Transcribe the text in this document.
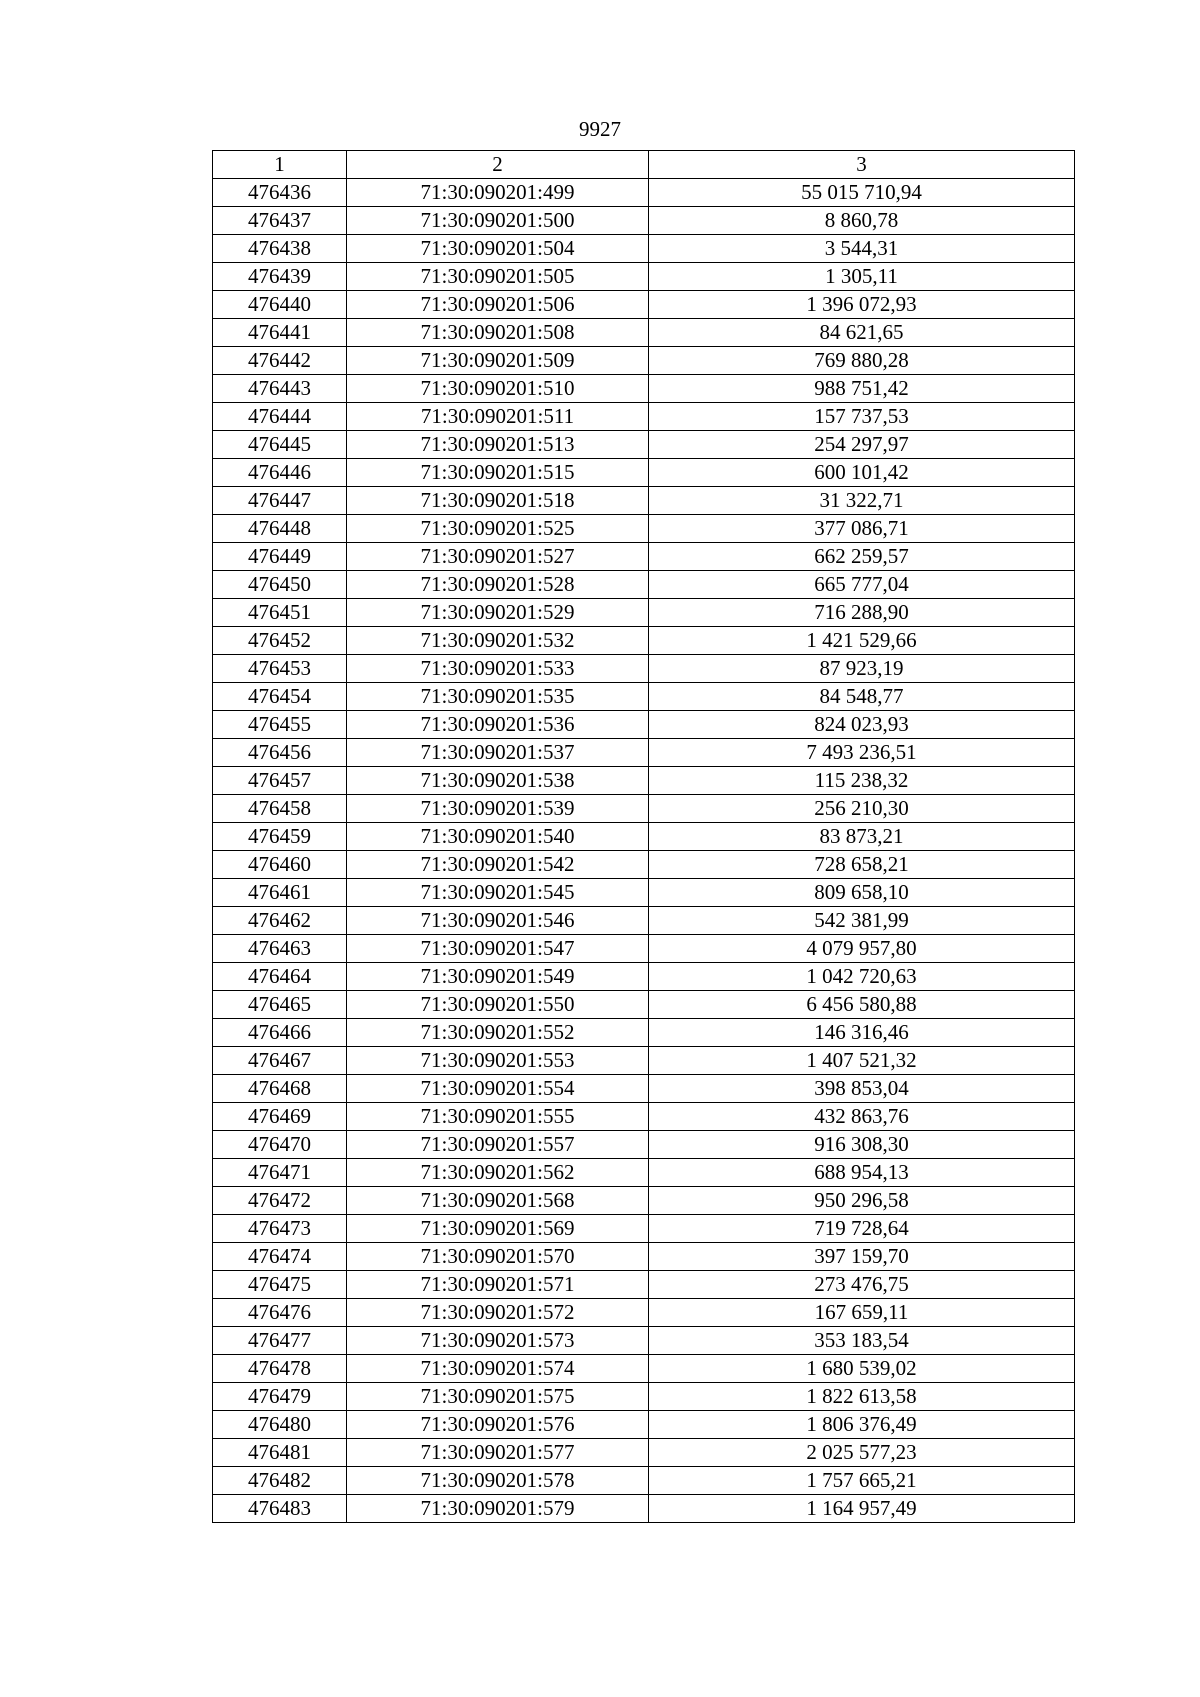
9927
1	2	3
476436	71:30:090201:499	55 015 710,94
476437	71:30:090201:500	8 860,78
476438	71:30:090201:504	3 544,31
476439	71:30:090201:505	1 305,11
476440	71:30:090201:506	1 396 072,93
476441	71:30:090201:508	84 621,65
476442	71:30:090201:509	769 880,28
476443	71:30:090201:510	988 751,42
476444	71:30:090201:511	157 737,53
476445	71:30:090201:513	254 297,97
476446	71:30:090201:515	600 101,42
476447	71:30:090201:518	31 322,71
476448	71:30:090201:525	377 086,71
476449	71:30:090201:527	662 259,57
476450	71:30:090201:528	665 777,04
476451	71:30:090201:529	716 288,90
476452	71:30:090201:532	1 421 529,66
476453	71:30:090201:533	87 923,19
476454	71:30:090201:535	84 548,77
476455	71:30:090201:536	824 023,93
476456	71:30:090201:537	7 493 236,51
476457	71:30:090201:538	115 238,32
476458	71:30:090201:539	256 210,30
476459	71:30:090201:540	83 873,21
476460	71:30:090201:542	728 658,21
476461	71:30:090201:545	809 658,10
476462	71:30:090201:546	542 381,99
476463	71:30:090201:547	4 079 957,80
476464	71:30:090201:549	1 042 720,63
476465	71:30:090201:550	6 456 580,88
476466	71:30:090201:552	146 316,46
476467	71:30:090201:553	1 407 521,32
476468	71:30:090201:554	398 853,04
476469	71:30:090201:555	432 863,76
476470	71:30:090201:557	916 308,30
476471	71:30:090201:562	688 954,13
476472	71:30:090201:568	950 296,58
476473	71:30:090201:569	719 728,64
476474	71:30:090201:570	397 159,70
476475	71:30:090201:571	273 476,75
476476	71:30:090201:572	167 659,11
476477	71:30:090201:573	353 183,54
476478	71:30:090201:574	1 680 539,02
476479	71:30:090201:575	1 822 613,58
476480	71:30:090201:576	1 806 376,49
476481	71:30:090201:577	2 025 577,23
476482	71:30:090201:578	1 757 665,21
476483	71:30:090201:579	1 164 957,49
